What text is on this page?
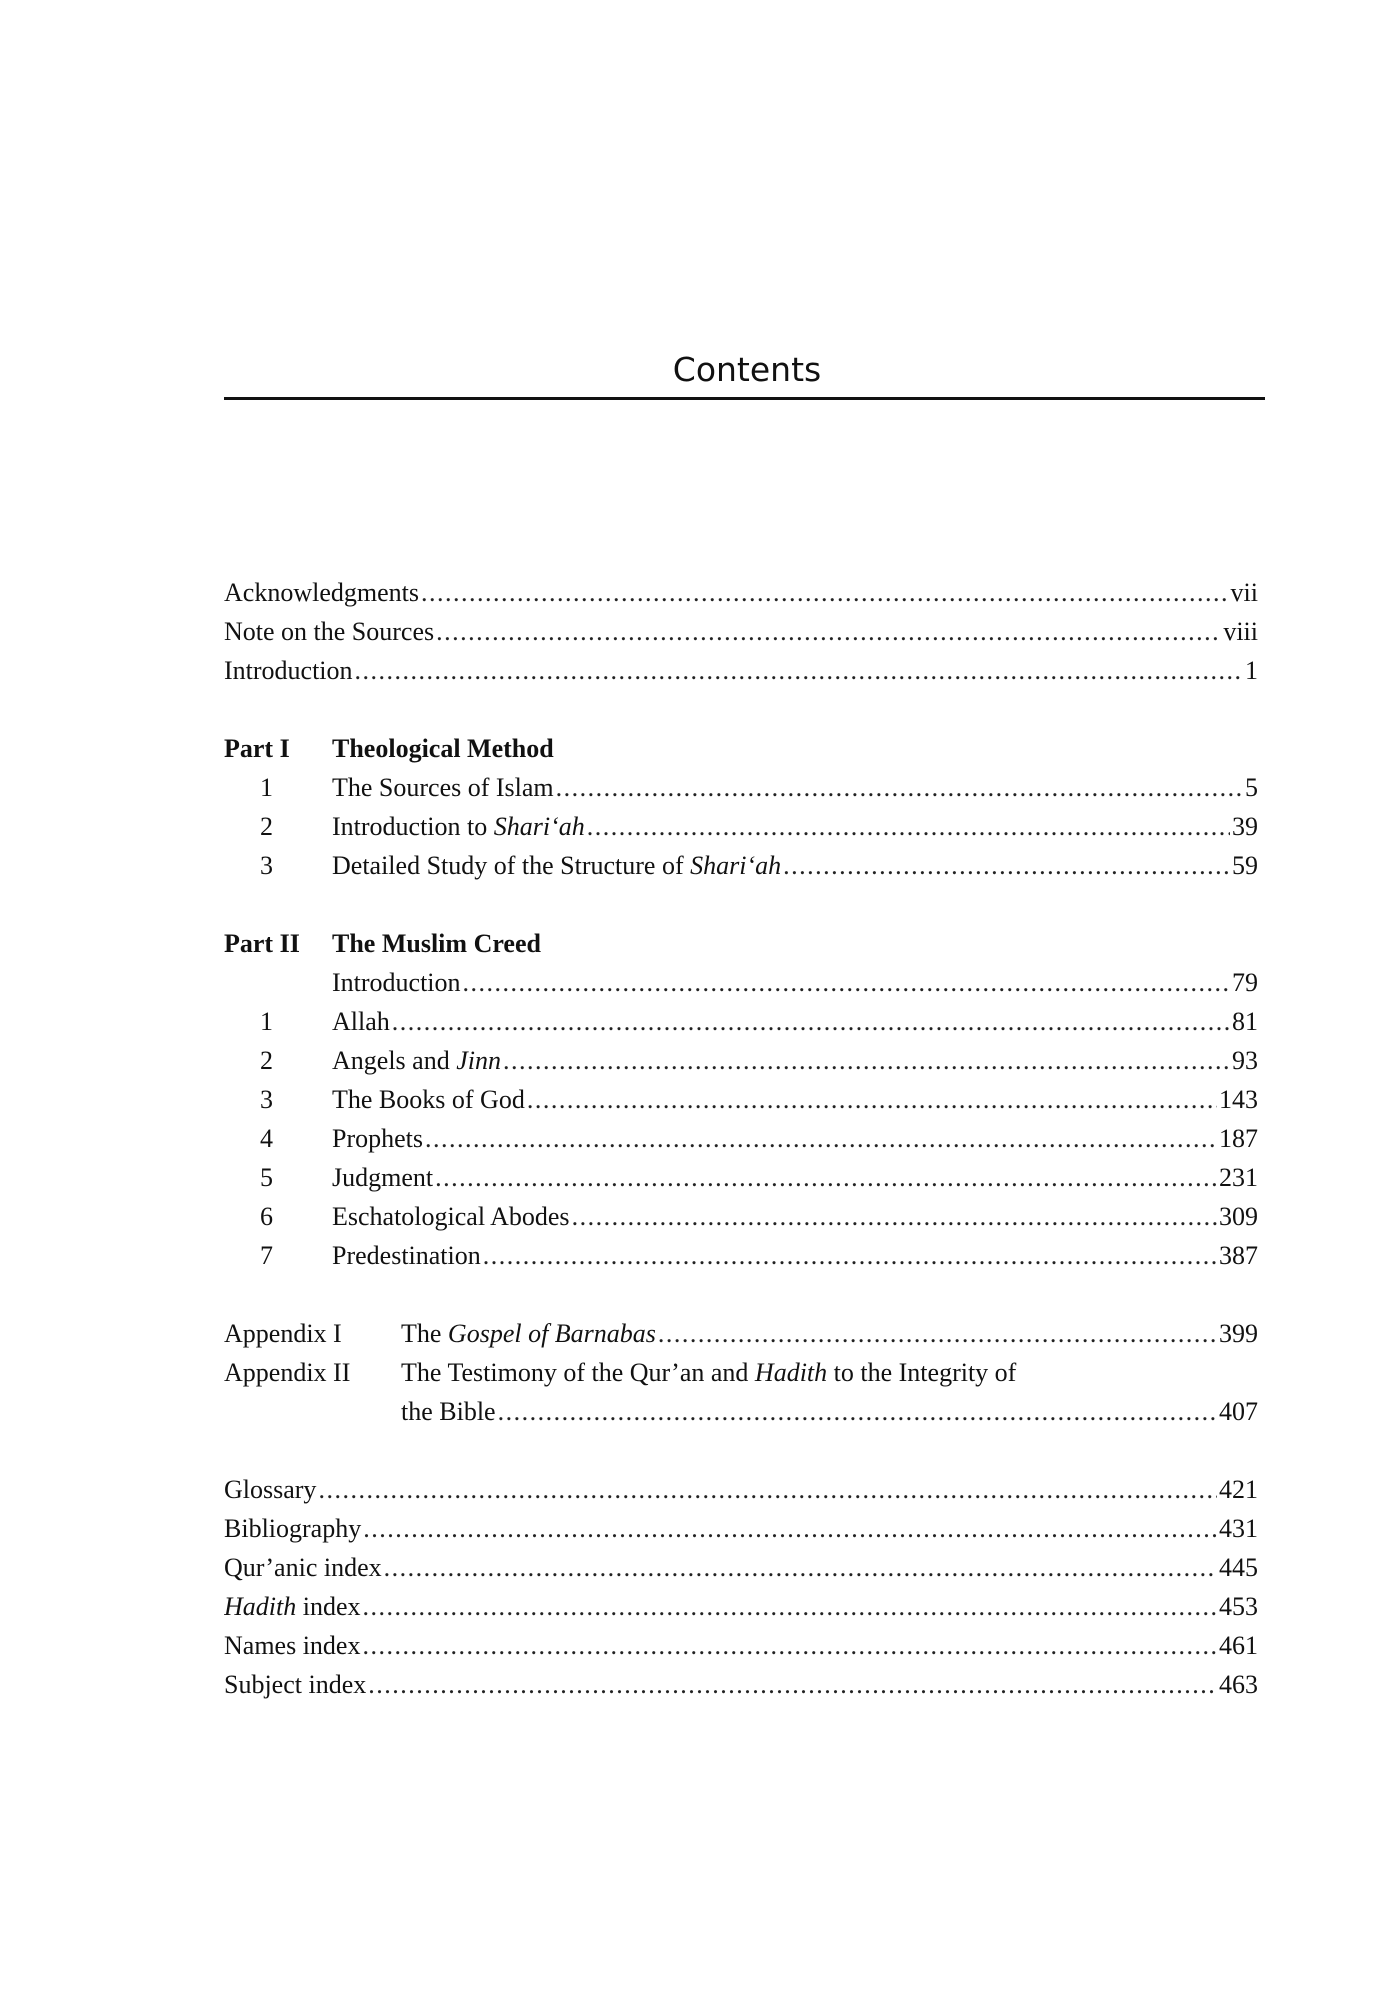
Contents
Acknowledgments .....	vii
Note on the Sources .....	viii
Introduction .....	1
Part I	Theological Method
1	The Sources of Islam .....	5
2	Introduction to Shari‘ah .....	39
3	Detailed Study of the Structure of Shari‘ah .....	59
Part II	The Muslim Creed
Introduction .....	79
1	Allah .....	81
2	Angels and Jinn .....	93
3	The Books of God .....	143
4	Prophets .....	187
5	Judgment .....	231
6	Eschatological Abodes .....	309
7	Predestination .....	387
Appendix I	The Gospel of Barnabas .....	399
Appendix II	The Testimony of the Qur’an and Hadith to the Integrity of
the Bible .....	407
Glossary .....	421
Bibliography .....	431
Qur’anic index .....	445
Hadith index .....	453
Names index .....	461
Subject index .....	463
